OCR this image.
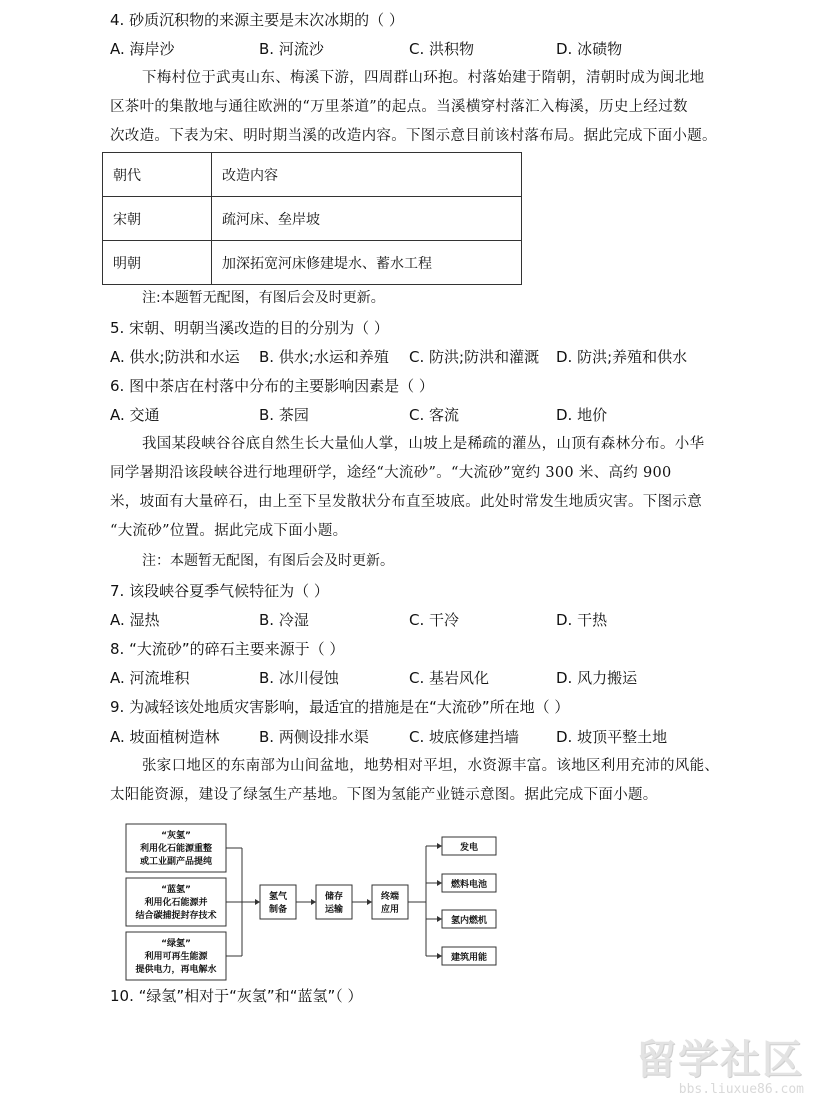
4. 砂质沉积物的来源主要是末次冰期的（ ）
A. 海岸沙	B. 河流沙	C. 洪积物	D. 冰碛物
下梅村位于武夷山东、梅溪下游，四周群山环抱。村落始建于隋朝，清朝时成为闽北地
区茶叶的集散地与通往欧洲的“万里茶道”的起点。当溪横穿村落汇入梅溪，历史上经过数
次改造。下表为宋、明时期当溪的改造内容。下图示意目前该村落布局。据此完成下面小题。
朝代	改造内容
宋朝	疏河床、垒岸坡
明朝	加深拓宽河床修建堤水、蓄水工程
注:本题暂无配图，有图后会及时更新。
5. 宋朝、明朝当溪改造的目的分别为（ ）
A. 供水;防洪和水运 B. 供水;水运和养殖 C. 防洪;防洪和灌溉 D. 防洪;养殖和供水
6. 图中茶店在村落中分布的主要影响因素是（ ）
A. 交通	B. 茶园	C. 客流	D. 地价
我国某段峡谷谷底自然生长大量仙人掌，山坡上是稀疏的灌丛，山顶有森林分布。小华
同学暑期沿该段峡谷进行地理研学，途经“大流砂”。“大流砂”宽约 300 米、高约 900
米，坡面有大量碎石，由上至下呈发散状分布直至坡底。此处时常发生地质灾害。下图示意
“大流砂”位置。据此完成下面小题。
注：本题暂无配图，有图后会及时更新。
7. 该段峡谷夏季气候特征为（ ）
A. 湿热	B. 冷湿	C. 干冷	D. 干热
8. “大流砂”的碎石主要来源于（ ）
A. 河流堆积	B. 冰川侵蚀	C. 基岩风化	D. 风力搬运
9. 为减轻该处地质灾害影响，最适宜的措施是在“大流砂”所在地（ ）
A. 坡面植树造林	B. 两侧设排水渠	C. 坡底修建挡墙 D. 坡顶平整土地
张家口地区的东南部为山间盆地，地势相对平坦，水资源丰富。该地区利用充沛的风能、
太阳能资源，建设了绿氢生产基地。下图为氢能产业链示意图。据此完成下面小题。
“灰氢”
利用化石能源重整
或工业副产品提纯
“蓝氢”
利用化石能源并
结合碳捕捉封存技术
“绿氢”
利用可再生能源
提供电力，再电解水
氢气
制备
储存
运输
终端
应用
发电
燃料电池
氢内燃机
建筑用能
10. “绿氢”相对于“灰氢”和“蓝氢”（ ）
留学社区
bbs.liuxue86.com
